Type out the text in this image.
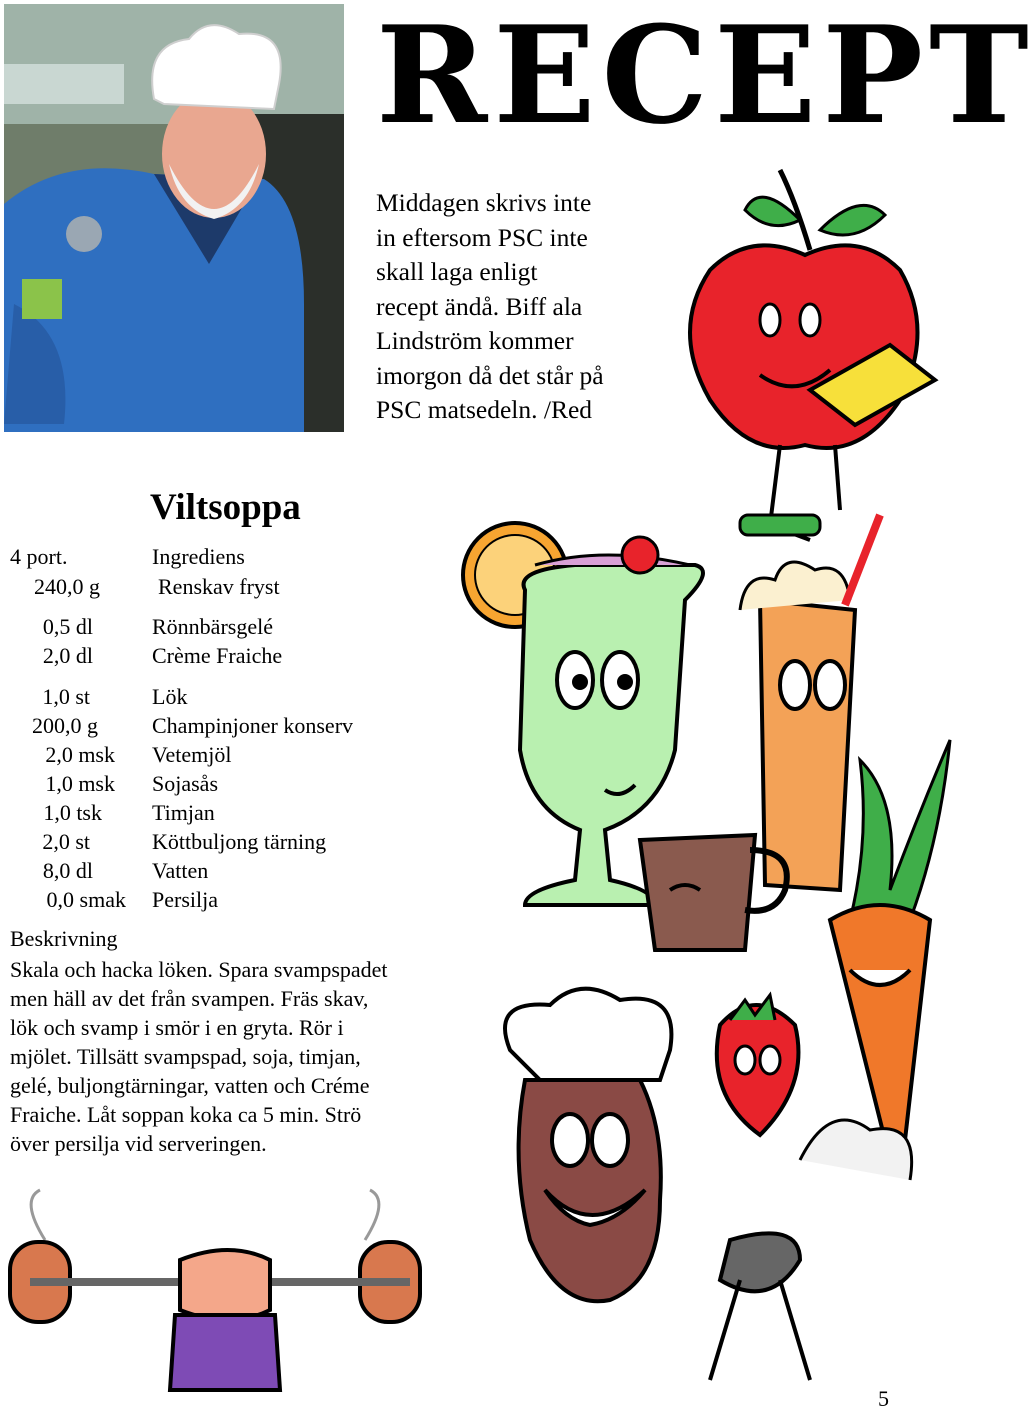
RECEPT
Middagen skrivs inte
in eftersom PSC inte
skall laga enligt
recept ändå. Biff ala
Lindström kommer
imorgon då det står på
PSC matsedeln. /Red
Viltsoppa
4 port.	Ingrediens
240,0 g	Renskav fryst
0,5 dl	Rönnbärsgelé
2,0 dl	Crème Fraiche
1,0 st	Lök
200,0 g Champinjoner konserv
2,0 msk Vetemjöl
1,0 msk Sojasås
1,0 tsk Timjan
2,0 st	Köttbuljong tärning
8,0 dl	Vatten
0,0 smak Persilja
Beskrivning
Skala och hacka löken. Spara svampspadet
men häll av det från svampen. Fräs skav,
lök och svamp i smör i en gryta. Rör i
mjölet. Tillsätt svampspad, soja, timjan,
gelé, buljongtärningar, vatten och Créme
Fraiche. Låt soppan koka ca 5 min. Strö
över persilja vid serveringen.
5
